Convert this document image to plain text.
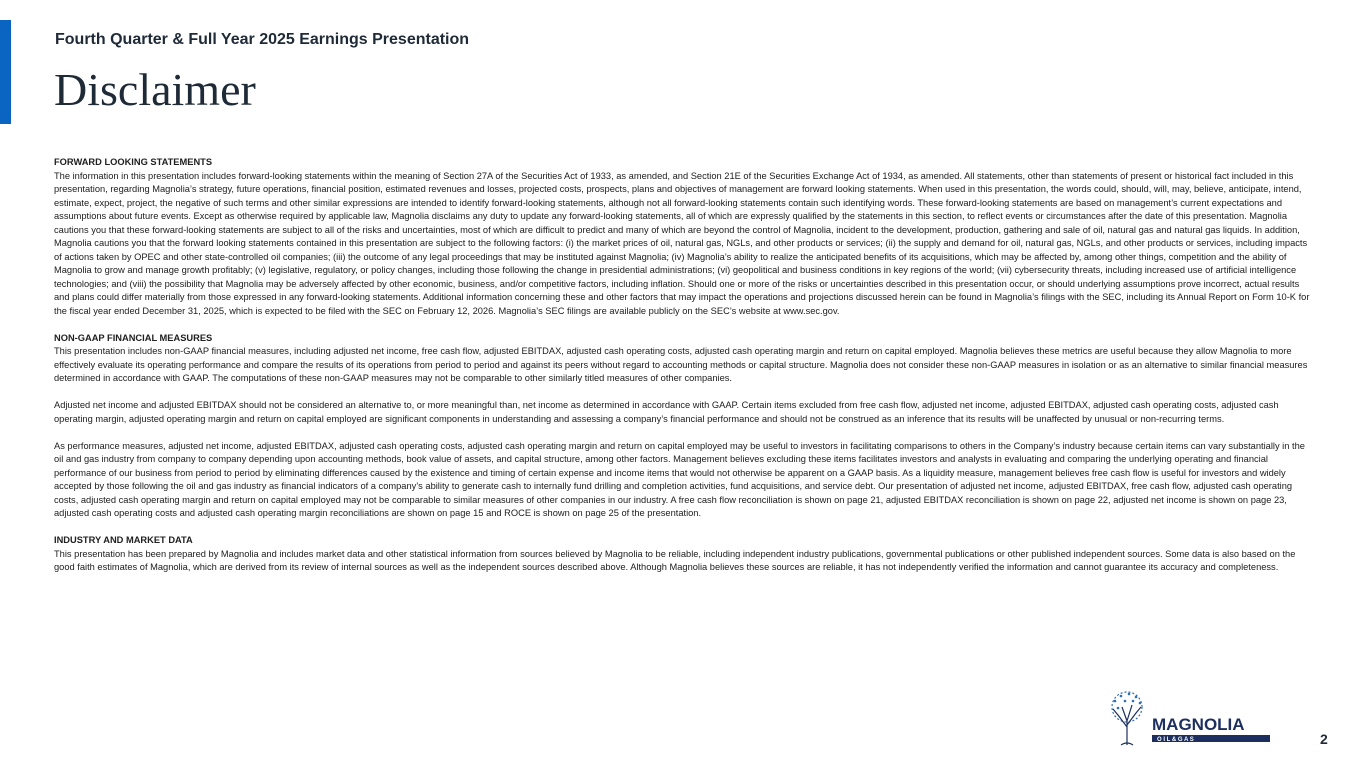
Fourth Quarter & Full Year 2025 Earnings Presentation
Disclaimer
FORWARD LOOKING STATEMENTS

The information in this presentation includes forward-looking statements within the meaning of Section 27A of the Securities Act of 1933, as amended, and Section 21E of the Securities Exchange Act of 1934, as amended. All statements, other than statements of present or historical fact included in this presentation, regarding Magnolia’s strategy, future operations, financial position, estimated revenues and losses, projected costs, prospects, plans and objectives of management are forward looking statements. When used in this presentation, the words could, should, will, may, believe, anticipate, intend, estimate, expect, project, the negative of such terms and other similar expressions are intended to identify forward-looking statements, although not all forward-looking statements contain such identifying words. These forward-looking statements are based on management’s current expectations and assumptions about future events. Except as otherwise required by applicable law, Magnolia disclaims any duty to update any forward-looking statements, all of which are expressly qualified by the statements in this section, to reflect events or circumstances after the date of this presentation. Magnolia cautions you that these forward-looking statements are subject to all of the risks and uncertainties, most of which are difficult to predict and many of which are beyond the control of Magnolia, incident to the development, production, gathering and sale of oil, natural gas and natural gas liquids. In addition, Magnolia cautions you that the forward looking statements contained in this presentation are subject to the following factors: (i) the market prices of oil, natural gas, NGLs, and other products or services; (ii) the supply and demand for oil, natural gas, NGLs, and other products or services, including impacts of actions taken by OPEC and other state-controlled oil companies; (iii) the outcome of any legal proceedings that may be instituted against Magnolia; (iv) Magnolia’s ability to realize the anticipated benefits of its acquisitions, which may be affected by, among other things, competition and the ability of Magnolia to grow and manage growth profitably; (v) legislative, regulatory, or policy changes, including those following the change in presidential administrations; (vi) geopolitical and business conditions in key regions of the world; (vii) cybersecurity threats, including increased use of artificial intelligence technologies; and (viii) the possibility that Magnolia may be adversely affected by other economic, business, and/or competitive factors, including inflation. Should one or more of the risks or uncertainties described in this presentation occur, or should underlying assumptions prove incorrect, actual results and plans could differ materially from those expressed in any forward-looking statements. Additional information concerning these and other factors that may impact the operations and projections discussed herein can be found in Magnolia’s filings with the SEC, including its Annual Report on Form 10-K for the fiscal year ended December 31, 2025, which is expected to be filed with the SEC on February 12, 2026. Magnolia’s SEC filings are available publicly on the SEC’s website at www.sec.gov.

NON-GAAP FINANCIAL MEASURES

This presentation includes non-GAAP financial measures, including adjusted net income, free cash flow, adjusted EBITDAX, adjusted cash operating costs, adjusted cash operating margin and return on capital employed. Magnolia believes these metrics are useful because they allow Magnolia to more effectively evaluate its operating performance and compare the results of its operations from period to period and against its peers without regard to accounting methods or capital structure. Magnolia does not consider these non-GAAP measures in isolation or as an alternative to similar financial measures determined in accordance with GAAP. The computations of these non-GAAP measures may not be comparable to other similarly titled measures of other companies.

Adjusted net income and adjusted EBITDAX should not be considered an alternative to, or more meaningful than, net income as determined in accordance with GAAP. Certain items excluded from free cash flow, adjusted net income, adjusted EBITDAX, adjusted cash operating costs, adjusted cash operating margin, adjusted operating margin and return on capital employed are significant components in understanding and assessing a company’s financial performance and should not be construed as an inference that its results will be unaffected by unusual or non-recurring terms.

As performance measures, adjusted net income, adjusted EBITDAX, adjusted cash operating costs, adjusted cash operating margin and return on capital employed may be useful to investors in facilitating comparisons to others in the Company’s industry because certain items can vary substantially in the oil and gas industry from company to company depending upon accounting methods, book value of assets, and capital structure, among other factors. Management believes excluding these items facilitates investors and analysts in evaluating and comparing the underlying operating and financial performance of our business from period to period by eliminating differences caused by the existence and timing of certain expense and income items that would not otherwise be apparent on a GAAP basis. As a liquidity measure, management believes free cash flow is useful for investors and widely accepted by those following the oil and gas industry as financial indicators of a company’s ability to generate cash to internally fund drilling and completion activities, fund acquisitions, and service debt. Our presentation of adjusted net income, adjusted EBITDAX, free cash flow, adjusted cash operating costs, adjusted cash operating margin and return on capital employed may not be comparable to similar measures of other companies in our industry. A free cash flow reconciliation is shown on page 21, adjusted EBITDAX reconciliation is shown on page 22, adjusted net income is shown on page 23, adjusted cash operating costs and adjusted cash operating margin reconciliations are shown on page 15 and ROCE is shown on page 25 of the presentation.

INDUSTRY AND MARKET DATA

This presentation has been prepared by Magnolia and includes market data and other statistical information from sources believed by Magnolia to be reliable, including independent industry publications, governmental publications or other published independent sources. Some data is also based on the good faith estimates of Magnolia, which are derived from its review of internal sources as well as the independent sources described above. Although Magnolia believes these sources are reliable, it has not independently verified the information and cannot guarantee its accuracy and completeness.

MAGNOLIA
O I L & G A S	2
